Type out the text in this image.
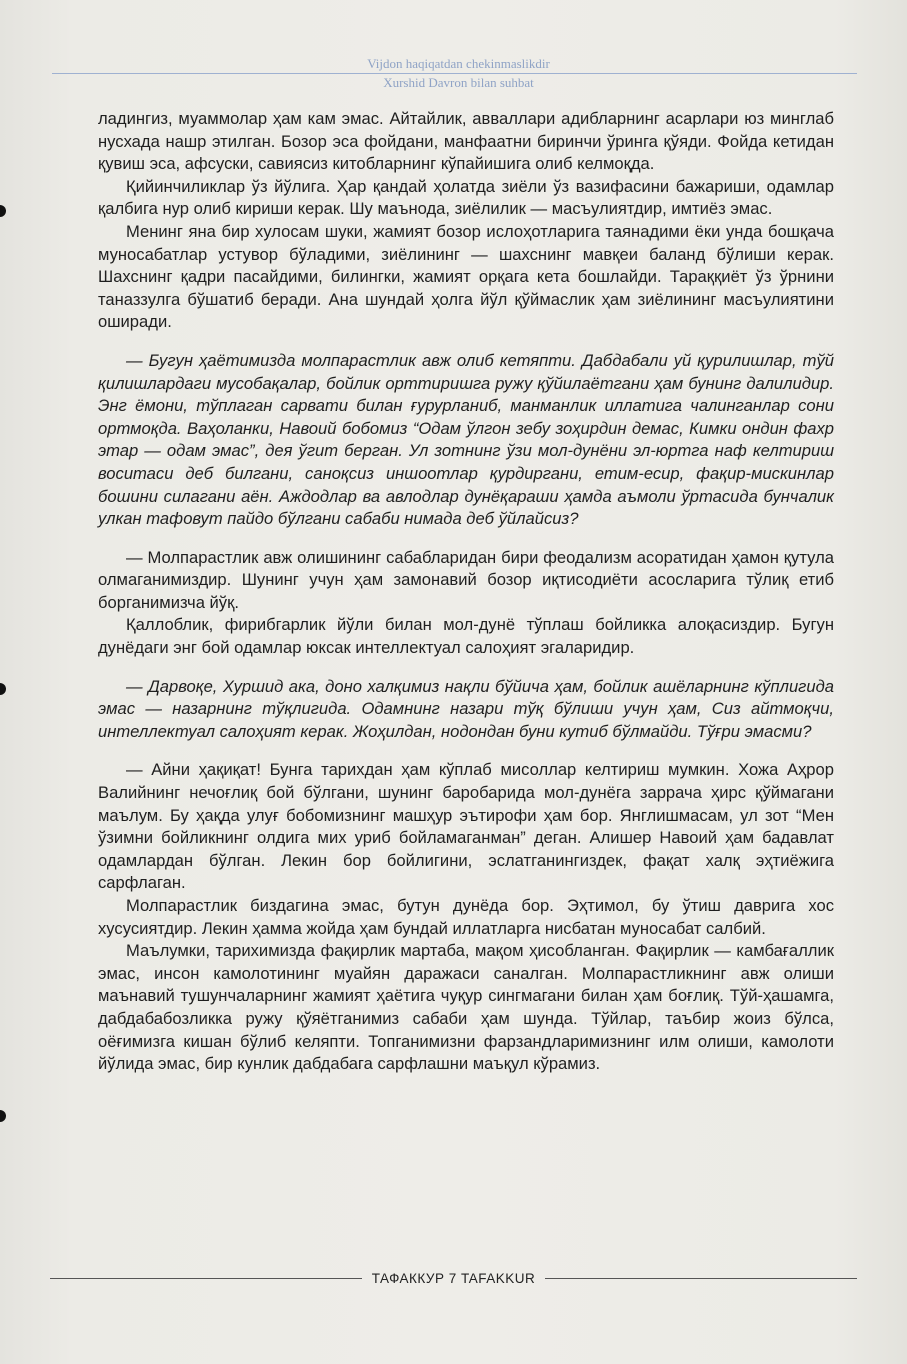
Vijdon haqiqatdan chekinmaslikdir
Xurshid Davron bilan suhbat

ладингиз, муаммолар ҳам кам эмас. Айтайлик, авваллари адибларнинг асарлари юз минглаб нусхада нашр этилган. Бозор эса фойдани, манфаатни биринчи ўринга қўяди. Фойда кетидан қувиш эса, афсуски, савиясиз китобларнинг кўпайишига олиб келмоқда.

Қийинчиликлар ўз йўлига. Ҳар қандай ҳолатда зиёли ўз вазифасини бажариши, одамлар қалбига нур олиб кириши керак. Шу маънода, зиёлилик — масъулиятдир, имтиёз эмас.

Менинг яна бир хулосам шуки, жамият бозор ислоҳотларига таянадими ёки унда бошқача муносабатлар устувор бўладими, зиёлининг — шахснинг мавқеи баланд бўлиши керак. Шахснинг қадри пасайдими, билингки, жамият орқага кета бошлайди. Тараққиёт ўз ўрнини таназзулга бўшатиб беради. Ана шундай ҳолга йўл қўймаслик ҳам зиёлининг масъулиятини оширади.

— Бугун ҳаётимизда молпарастлик авж олиб кетяпти. Дабдабали уй қурилишлар, тўй қилишлардаги мусобақалар, бойлик орттиришга ружу қўйилаётгани ҳам бунинг далилидир. Энг ёмони, тўплаган сарвати билан ғурурланиб, манманлик иллатига чалинганлар сони ортмоқда. Ваҳоланки, Навоий бобомиз “Одам ўлгон зебу зоҳирдин демас, Кимки ондин фахр этар — одам эмас”, дея ўгит берган. Ул зотнинг ўзи мол-дунёни эл-юртга наф келтириш воситаси деб билгани, саноқсиз иншоотлар қурдиргани, етим-есир, фақир-мискинлар бошини силагани аён. Аждодлар ва авлодлар дунёқараши ҳамда аъмоли ўртасида бунчалик улкан тафовут пайдо бўлгани сабаби нимада деб ўйлайсиз?

— Молпарастлик авж олишининг сабабларидан бири феодализм асоратидан ҳамон қутула олмаганимиздир. Шунинг учун ҳам замонавий бозор иқтисодиёти асосларига тўлиқ етиб борганимизча йўқ.

Қаллоблик, фирибгарлик йўли билан мол-дунё тўплаш бойликка алоқасиздир. Бугун дунёдаги энг бой одамлар юксак интеллектуал салоҳият эгаларидир.

— Дарвоқе, Хуршид ака, доно халқимиз нақли бўйича ҳам, бойлик ашёларнинг кўплигида эмас — назарнинг тўқлигида. Одамнинг назари тўқ бўлиши учун ҳам, Сиз айтмоқчи, интеллектуал салоҳият керак. Жоҳилдан, нодондан буни кутиб бўлмайди. Тўғри эмасми?

— Айни ҳақиқат! Бунга тарихдан ҳам кўплаб мисоллар келтириш мумкин. Хожа Аҳрор Валийнинг нечоғлиқ бой бўлгани, шунинг баробарида мол-дунёга заррача ҳирс қўймагани маълум. Бу ҳақда улуғ бобомизнинг машҳур эътирофи ҳам бор. Янглишмасам, ул зот “Мен ўзимни бойликнинг олдига мих уриб бойламаганман” деган. Алишер Навоий ҳам бадавлат одамлардан бўлган. Лекин бор бойлигини, эслатганингиздек, фақат халқ эҳтиёжига сарфлаган.

Молпарастлик биздагина эмас, бутун дунёда бор. Эҳтимол, бу ўтиш даврига хос хусусиятдир. Лекин ҳамма жойда ҳам бундай иллатларга нисбатан муносабат салбий.

Маълумки, тарихимизда фақирлик мартаба, мақом ҳисобланган. Фақирлик — камбағаллик эмас, инсон камолотининг муайян даражаси саналган. Молпарастликнинг авж олиши маънавий тушунчаларнинг жамият ҳаётига чуқур сингмагани билан ҳам боғлиқ. Тўй-ҳашамга, дабдабабозликка ружу қўяётганимиз сабаби ҳам шунда. Тўйлар, таъбир жоиз бўлса, оёғимизга кишан бўлиб келяпти. Топганимизни фарзандларимизнинг илм олиши, камолоти йўлида эмас, бир кунлик дабдабага сарфлашни маъқул кўрамиз.

ТАФАККУР 7 TAFAKKUR
